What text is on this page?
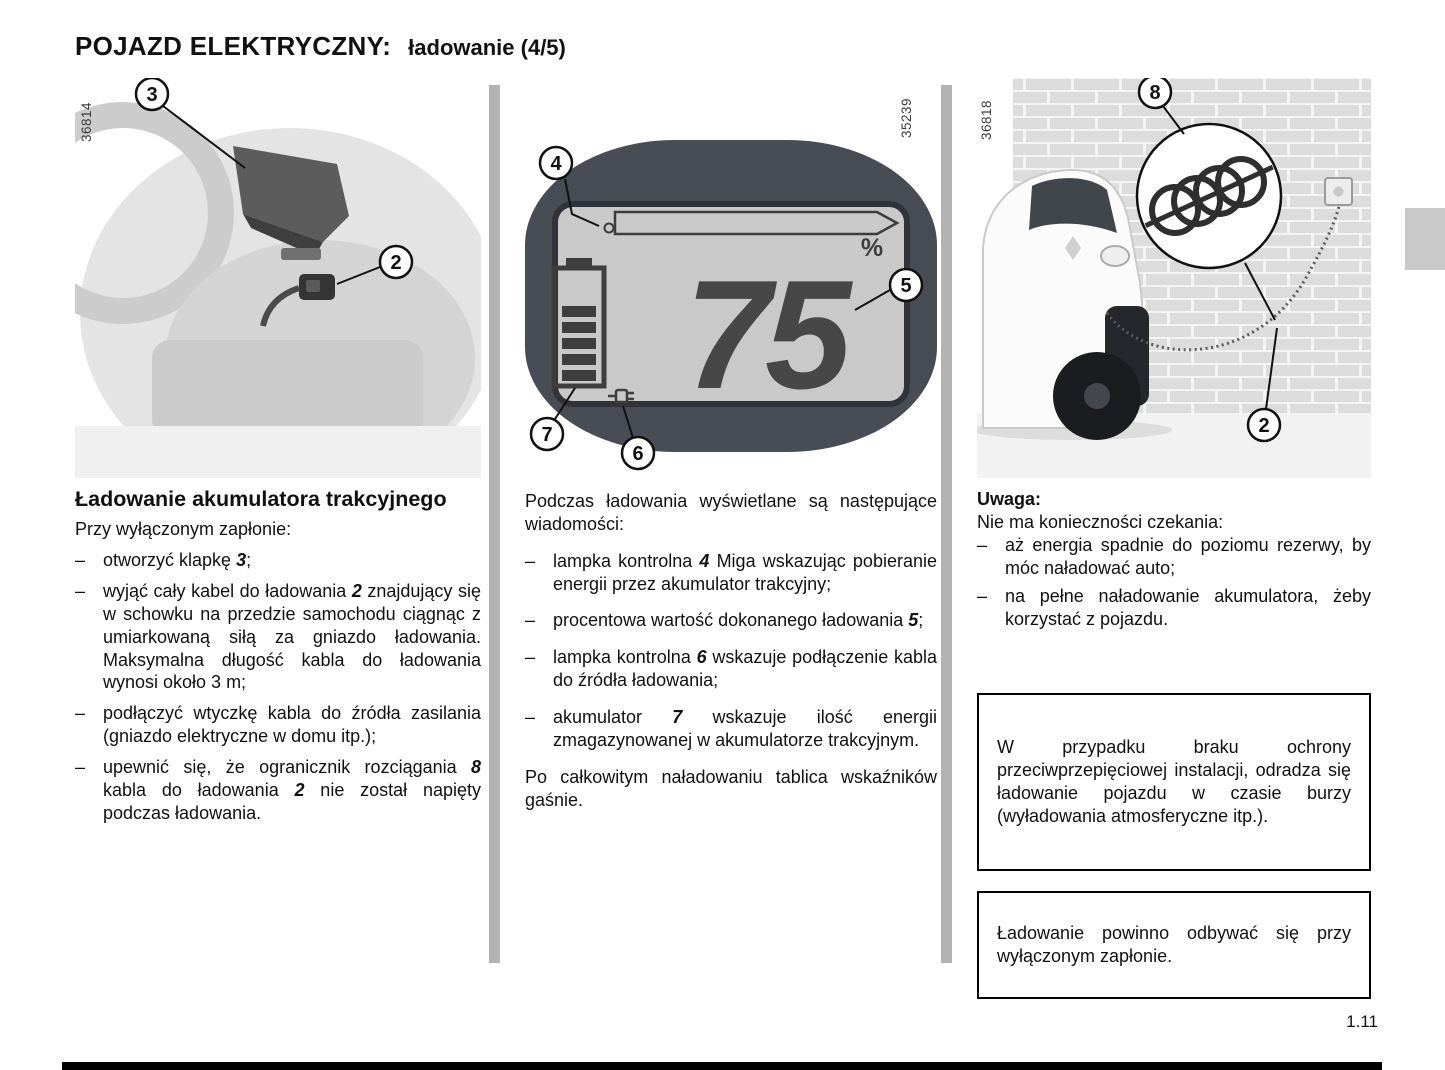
POJAZD ELEKTRYCZNY: ładowanie (4/5)
36814
3
2
Ładowanie akumulatora trakcyjnego

Przy wyłączonym zapłonie:

– otworzyć klapkę 3;
– wyjąć cały kabel do ładowania 2 znajdujący się w schowku na przedzie samochodu ciągnąc z umiarkowaną siłą za gniazdo ładowania. Maksymalna długość kabla do ładowania wynosi około 3 m;
– podłączyć wtyczkę kabla do źródła zasilania (gniazdo elektryczne w domu itp.);
– upewnić się, że ogranicznik rozciągania 8 kabla do ładowania 2 nie został napięty podczas ładowania.
%
75
35239
4
5
7
6

Podczas ładowania wyświetlane są następujące wiadomości:

– lampka kontrolna 4 Miga wskazując pobieranie energii przez akumulator trakcyjny;
– procentowa wartość dokonanego ładowania 5;
– lampka kontrolna 6 wskazuje podłączenie kabla do źródła ładowania;
– akumulator 7 wskazuje ilość energii zmagazynowanej w akumulatorze trakcyjnym.

Po całkowitym naładowaniu tablica wskaźników gaśnie.

36818
8
2

Uwaga:

Nie ma konieczności czekania:

– aż energia spadnie do poziomu rezerwy, by móc naładować auto;
– na pełne naładowanie akumulatora, żeby korzystać z pojazdu.

W przypadku braku ochrony przeciwprzepięciowej instalacji, odradza się ładowanie pojazdu w czasie burzy (wyładowania atmosferyczne itp.).

Ładowanie powinno odbywać się przy wyłączonym zapłonie.

1.11
